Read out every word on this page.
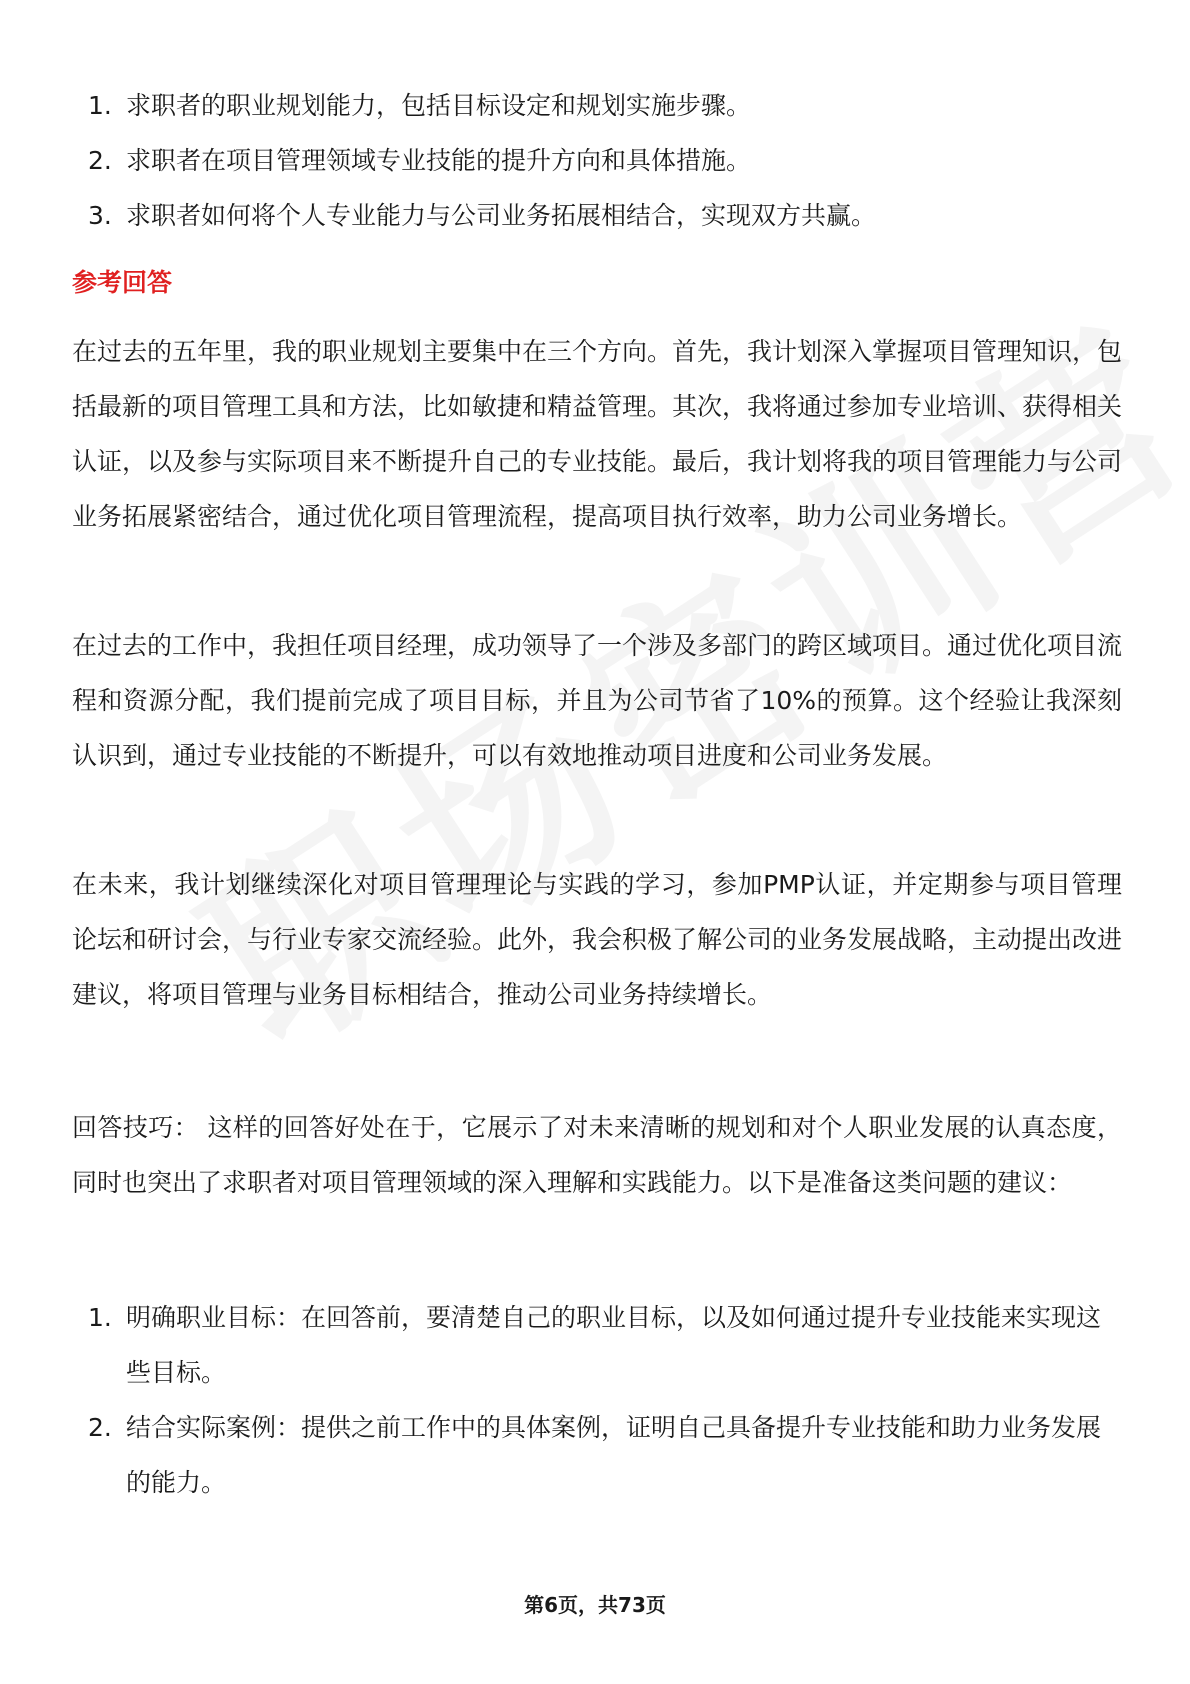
1. 求职者的职业规划能力，包括目标设定和规划实施步骤。
2. 求职者在项目管理领域专业技能的提升方向和具体措施。
3. 求职者如何将个人专业能力与公司业务拓展相结合，实现双方共赢。
参考回答

在过去的五年里，我的职业规划主要集中在三个方向。首先，我计划深入掌握项目管理知识，包括最新的项目管理工具和方法，比如敏捷和精益管理。其次，我将通过参加专业培训、获得相关认证，以及参与实际项目来不断提升自己的专业技能。最后，我计划将我的项目管理能力与公司业务拓展紧密结合，通过优化项目管理流程，提高项目执行效率，助力公司业务增长。

在过去的工作中，我担任项目经理，成功领导了一个涉及多部门的跨区域项目。通过优化项目流程和资源分配，我们提前完成了项目目标，并且为公司节省了10%的预算。这个经验让我深刻认识到，通过专业技能的不断提升，可以有效地推动项目进度和公司业务发展。

在未来，我计划继续深化对项目管理理论与实践的学习，参加PMP认证，并定期参与项目管理论坛和研讨会，与行业专家交流经验。此外，我会积极了解公司的业务发展战略，主动提出改进建议，将项目管理与业务目标相结合，推动公司业务持续增长。

回答技巧： 这样的回答好处在于，它展示了对未来清晰的规划和对个人职业发展的认真态度，同时也突出了求职者对项目管理领域的深入理解和实践能力。以下是准备这类问题的建议：

1. 明确职业目标：在回答前，要清楚自己的职业目标，以及如何通过提升专业技能来实现这些目标。
2. 结合实际案例：提供之前工作中的具体案例，证明自己具备提升专业技能和助力业务发展的能力。
第6页，共73页
